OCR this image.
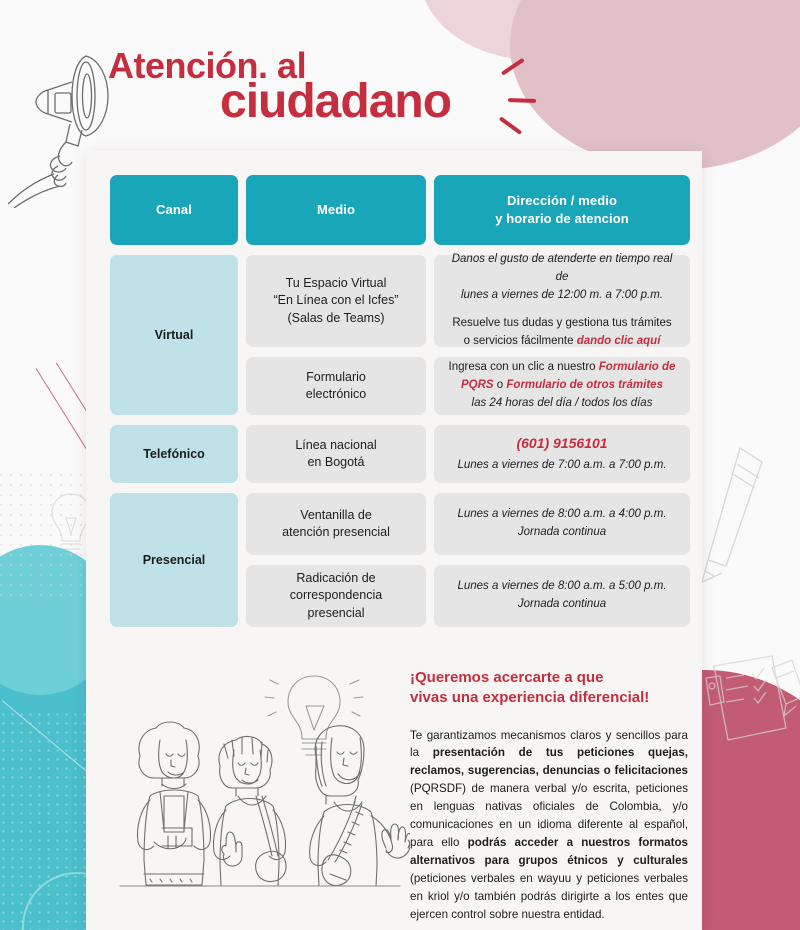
Atención. al
ciudadano
Canal	Medio
Dirección / medio
y horario de atencion
Virtual
Tu Espacio Virtual
“En Línea con el Icfes”
(Salas de Teams)

Danos el gusto de atenderte en tiempo real de
lunes a viernes de 12:00 m. a 7:00 p.m.

Resuelve tus dudas y gestiona tus trámites
o servicios fácilmente dando clic aquí

Formulario
electrónico

Ingresa con un clic a nuestro Formulario de PQRS o Formulario de otros trámites
las 24 horas del día / todos los días

Telefónico
Línea nacional
en Bogotá
(601) 9156101
Lunes a viernes de 7:00 a.m. a 7:00 p.m.
Presencial
Ventanilla de
atención presencial
Lunes a viernes de 8:00 a.m. a 4:00 p.m.
Jornada continua
Radicación de
correspondencia
presencial
Lunes a viernes de 8:00 a.m. a 5:00 p.m.
Jornada continua
¡Queremos acercarte a que
vivas una experiencia diferencial!

Te garantizamos mecanismos claros y sencillos para la presentación de tus peticiones quejas, reclamos, sugerencias, denuncias o felicitaciones (PQRSDF) de manera verbal y/o escrita, peticiones en lenguas nativas oficiales de Colombia, y/o comunicaciones en un idioma diferente al español, para ello podrás acceder a nuestros formatos alternativos para grupos étnicos y culturales (peticiones verbales en wayuu y peticiones verbales en kriol y/o también podrás dirigirte a los entes que ejercen control sobre nuestra entidad.
